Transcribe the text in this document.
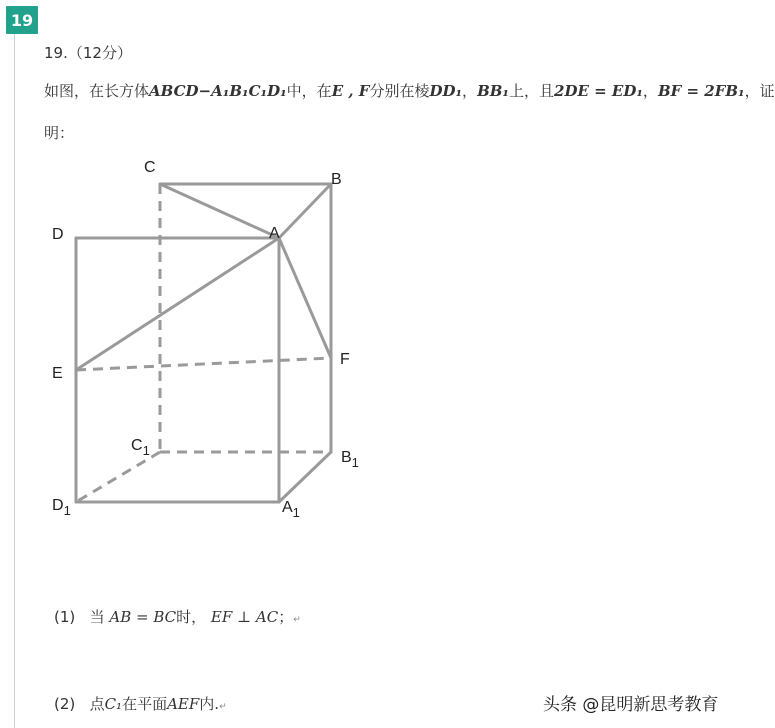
19
19.（12分）
如图，在长方体ABCD−A₁B₁C₁D₁中，在E , F分别在棱DD₁，BB₁上，且2DE = ED₁，BF = 2FB₁，证
明：
C
B
D	A
E
F
$C_1$	$B_1$
$D_1$	$A_1$
(1) 当 AB = BC时， EF ⊥ AC；↵
(2) 点C₁在平面AEF内.↵	头条 @昆明新思考教育
